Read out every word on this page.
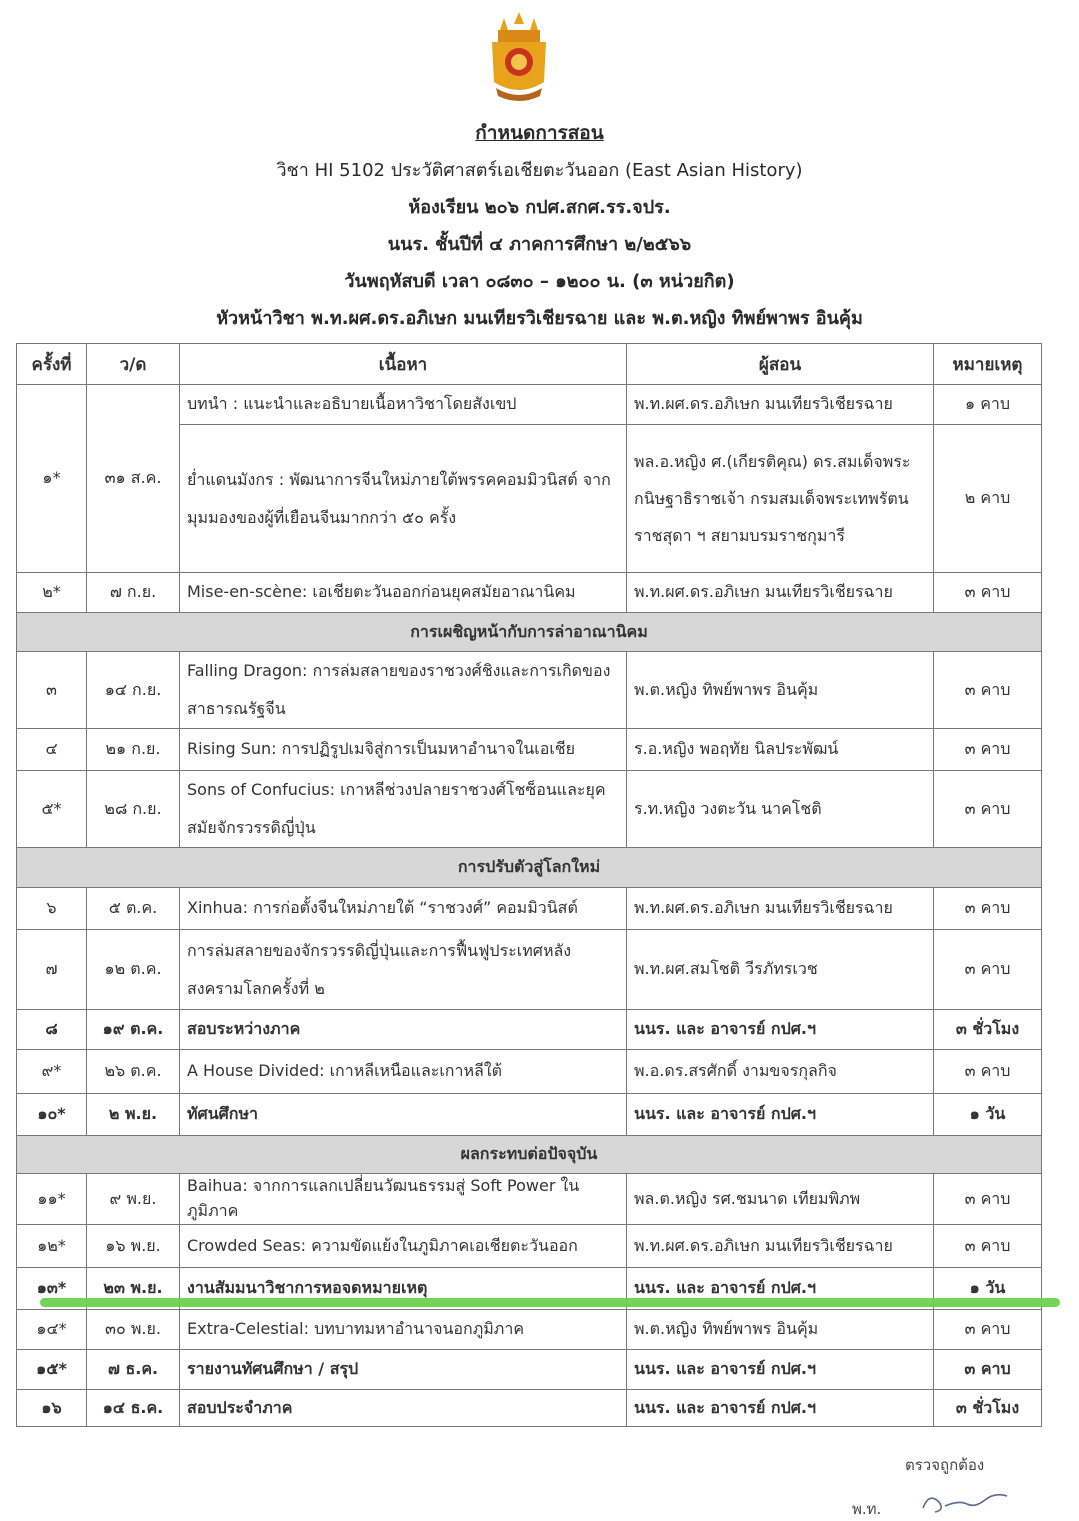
กำหนดการสอน
วิชา HI 5102 ประวัติศาสตร์เอเชียตะวันออก (East Asian History)
ห้องเรียน ๒๐๖ กปศ.สกศ.รร.จปร.
นนร. ชั้นปีที่ ๔ ภาคการศึกษา ๒/๒๕๖๖
วันพฤหัสบดี เวลา ๐๘๓๐ – ๑๒๐๐ น. (๓ หน่วยกิต)
หัวหน้าวิชา พ.ท.ผศ.ดร.อภิเษก มนเทียรวิเชียรฉาย และ พ.ต.หญิง ทิพย์พาพร อินคุ้ม
ครั้งที่	ว/ด	เนื้อหา	ผู้สอน	หมายเหตุ
๑*	๓๑ ส.ค.	บทนำ : แนะนำและอธิบายเนื้อหาวิชาโดยสังเขป	พ.ท.ผศ.ดร.อภิเษก มนเทียรวิเชียรฉาย	๑ คาบ
		ย่ำแดนมังกร : พัฒนาการจีนใหม่ภายใต้พรรคคอมมิวนิสต์ จากมุมมองของผู้ที่เยือนจีนมากกว่า ๕๐ ครั้ง	พล.อ.หญิง ศ.(เกียรติคุณ) ดร.สมเด็จพระกนิษฐาธิราชเจ้า กรมสมเด็จพระเทพรัตนราชสุดา ฯ สยามบรมราชกุมารี	๒ คาบ
๒*	๗ ก.ย.	Mise-en-scène: เอเชียตะวันออกก่อนยุคสมัยอาณานิคม	พ.ท.ผศ.ดร.อภิเษก มนเทียรวิเชียรฉาย	๓ คาบ
การเผชิญหน้ากับการล่าอาณานิคม				
๓	๑๔ ก.ย.	Falling Dragon: การล่มสลายของราชวงศ์ชิงและการเกิดของสาธารณรัฐจีน	พ.ต.หญิง ทิพย์พาพร อินคุ้ม	๓ คาบ
๔	๒๑ ก.ย.	Rising Sun: การปฏิรูปเมจิสู่การเป็นมหาอำนาจในเอเชีย	ร.อ.หญิง พอฤทัย นิลประพัฒน์	๓ คาบ
๕*	๒๘ ก.ย.	Sons of Confucius: เกาหลีช่วงปลายราชวงศ์โชซ็อนและยุคสมัยจักรวรรดิญี่ปุ่น	ร.ท.หญิง วงตะวัน นาคโชติ	๓ คาบ
การปรับตัวสู่โลกใหม่				
๖	๕ ต.ค.	Xinhua: การก่อตั้งจีนใหม่ภายใต้ “ราชวงศ์” คอมมิวนิสต์	พ.ท.ผศ.ดร.อภิเษก มนเทียรวิเชียรฉาย	๓ คาบ
๗	๑๒ ต.ค.	การล่มสลายของจักรวรรดิญี่ปุ่นและการฟื้นฟูประเทศหลังสงครามโลกครั้งที่ ๒	พ.ท.ผศ.สมโชติ วีรภัทรเวช	๓ คาบ
๘	๑๙ ต.ค.	สอบระหว่างภาค	นนร. และ อาจารย์ กปศ.ฯ	๓ ชั่วโมง
๙*	๒๖ ต.ค.	A House Divided: เกาหลีเหนือและเกาหลีใต้	พ.อ.ดร.สรศักดิ์ งามขจรกุลกิจ	๓ คาบ
๑๐*	๒ พ.ย.	ทัศนศึกษา	นนร. และ อาจารย์ กปศ.ฯ	๑ วัน
ผลกระทบต่อปัจจุบัน				
๑๑*	๙ พ.ย.	Baihua: จากการแลกเปลี่ยนวัฒนธรรมสู่ Soft Power ในภูมิภาค	พล.ต.หญิง รศ.ชมนาด เทียมพิภพ	๓ คาบ
๑๒*	๑๖ พ.ย.	Crowded Seas: ความขัดแย้งในภูมิภาคเอเชียตะวันออก	พ.ท.ผศ.ดร.อภิเษก มนเทียรวิเชียรฉาย	๓ คาบ
๑๓*	๒๓ พ.ย.	งานสัมมนาวิชาการหอจดหมายเหตุ	นนร. และ อาจารย์ กปศ.ฯ	๑ วัน
๑๔*	๓๐ พ.ย.	Extra-Celestial: บทบาทมหาอำนาจนอกภูมิภาค	พ.ต.หญิง ทิพย์พาพร อินคุ้ม	๓ คาบ
๑๕*	๗ ธ.ค.	รายงานทัศนศึกษา / สรุป	นนร. และ อาจารย์ กปศ.ฯ	๓ คาบ
๑๖	๑๔ ธ.ค.	สอบประจำภาค	นนร. และ อาจารย์ กปศ.ฯ	๓ ชั่วโมง
ตรวจถูกต้อง
พ.ท.
